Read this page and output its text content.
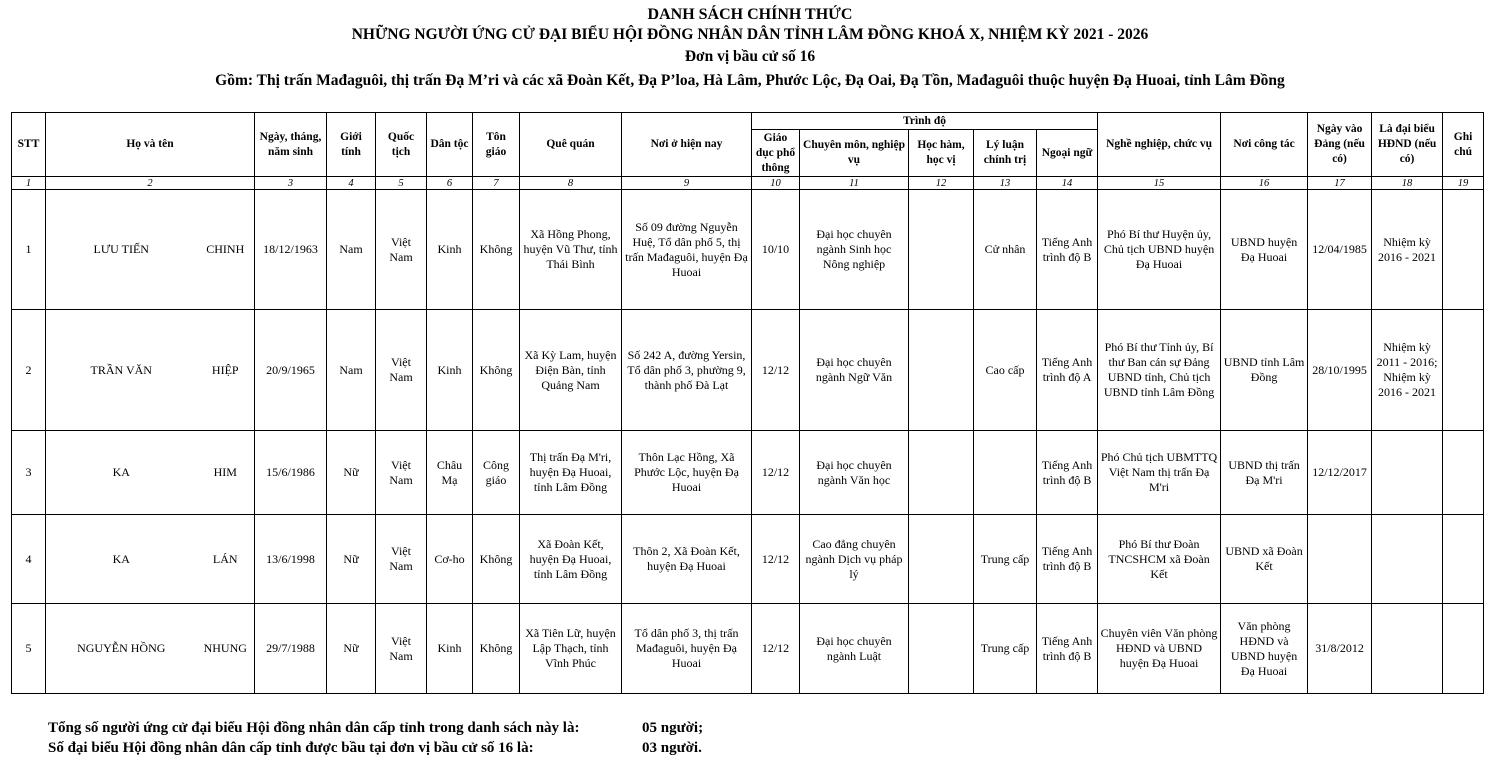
DANH SÁCH CHÍNH THỨC
NHỮNG NGƯỜI ỨNG CỬ ĐẠI BIỂU HỘI ĐỒNG NHÂN DÂN TỈNH LÂM ĐỒNG KHOÁ X, NHIỆM KỲ 2021 - 2026
Đơn vị bầu cử số 16
Gồm: Thị trấn Mađaguôi, thị trấn Đạ M’ri và các xã Đoàn Kết, Đạ P’loa, Hà Lâm, Phước Lộc, Đạ Oai, Đạ Tồn, Mađaguôi thuộc huyện Đạ Huoai, tỉnh Lâm Đồng
STT	Họ và tên		Ngày, tháng, năm sinh	Giới tính	Quốc tịch	Dân tộc	Tôn giáo	Quê quán	Nơi ở hiện nay	Trình độ					Nghề nghiệp, chức vụ	Nơi công tác	Ngày vào Đảng (nếu có)	Là đại biểu HĐND (nếu có)	Ghi chú
										Giáo dục phổ thông	Chuyên môn, nghiệp vụ	Học hàm, học vị	Lý luận chính trị	Ngoại ngữ					
1	2		3	4	5	6	7	8	9	10	11	12	13	14	15	16	17	18	19
1	LƯU TIẾN	CHINH	18/12/1963	Nam	Việt Nam	Kinh	Không	Xã Hồng Phong, huyện Vũ Thư, tỉnh Thái Bình	Số 09 đường Nguyễn Huệ, Tổ dân phố 5, thị trấn Mađaguôi, huyện Đạ Huoai	10/10	Đại học chuyên ngành Sinh học Nông nghiệp		Cử nhân	Tiếng Anh trình độ B	Phó Bí thư Huyện ủy, Chủ tịch UBND huyện Đạ Huoai	UBND huyện Đạ Huoai	12/04/1985	Nhiệm kỳ 2016 - 2021	
2	TRẦN VĂN	HIỆP	20/9/1965	Nam	Việt Nam	Kinh	Không	Xã Kỳ Lam, huyện Điện Bàn, tỉnh Quảng Nam	Số 242 A, đường Yersin, Tổ dân phố 3, phường 9, thành phố Đà Lạt	12/12	Đại học chuyên ngành Ngữ Văn		Cao cấp	Tiếng Anh trình độ A	Phó Bí thư Tỉnh ủy, Bí thư Ban cán sự Đảng UBND tỉnh, Chủ tịch UBND tỉnh Lâm Đồng	UBND tỉnh Lâm Đồng	28/10/1995	Nhiệm kỳ 2011 - 2016; Nhiệm kỳ 2016 - 2021	
3	KA	HIM	15/6/1986	Nữ	Việt Nam	Châu Mạ	Công giáo	Thị trấn Đạ M'ri, huyện Đạ Huoai, tỉnh Lâm Đồng	Thôn Lạc Hồng, Xã Phước Lộc, huyện Đạ Huoai	12/12	Đại học chuyên ngành Văn học			Tiếng Anh trình độ B	Phó Chủ tịch UBMTTQ Việt Nam thị trấn Đạ M'ri	UBND thị trấn Đạ M'ri	12/12/2017		
4	KA	LÁN	13/6/1998	Nữ	Việt Nam	Cơ-ho	Không	Xã Đoàn Kết, huyện Đạ Huoai, tỉnh Lâm Đồng	Thôn 2, Xã Đoàn Kết, huyện Đạ Huoai	12/12	Cao đẳng chuyên ngành Dịch vụ pháp lý		Trung cấp	Tiếng Anh trình độ B	Phó Bí thư Đoàn TNCSHCM xã Đoàn Kết	UBND xã Đoàn Kết			
5	NGUYỄN HỒNG	NHUNG	29/7/1988	Nữ	Việt Nam	Kinh	Không	Xã Tiên Lữ, huyện Lập Thạch, tỉnh Vĩnh Phúc	Tổ dân phố 3, thị trấn Mađaguôi, huyện Đạ Huoai	12/12	Đại học chuyên ngành Luật		Trung cấp	Tiếng Anh trình độ B	Chuyên viên Văn phòng HĐND và UBND huyện Đạ Huoai	Văn phòng HĐND và UBND huyện Đạ Huoai	31/8/2012		
Tổng số người ứng cử đại biểu Hội đồng nhân dân cấp tỉnh trong danh sách này là:	05 người;
Số đại biểu Hội đồng nhân dân cấp tỉnh được bầu tại đơn vị bầu cử số 16 là:	03 người.
